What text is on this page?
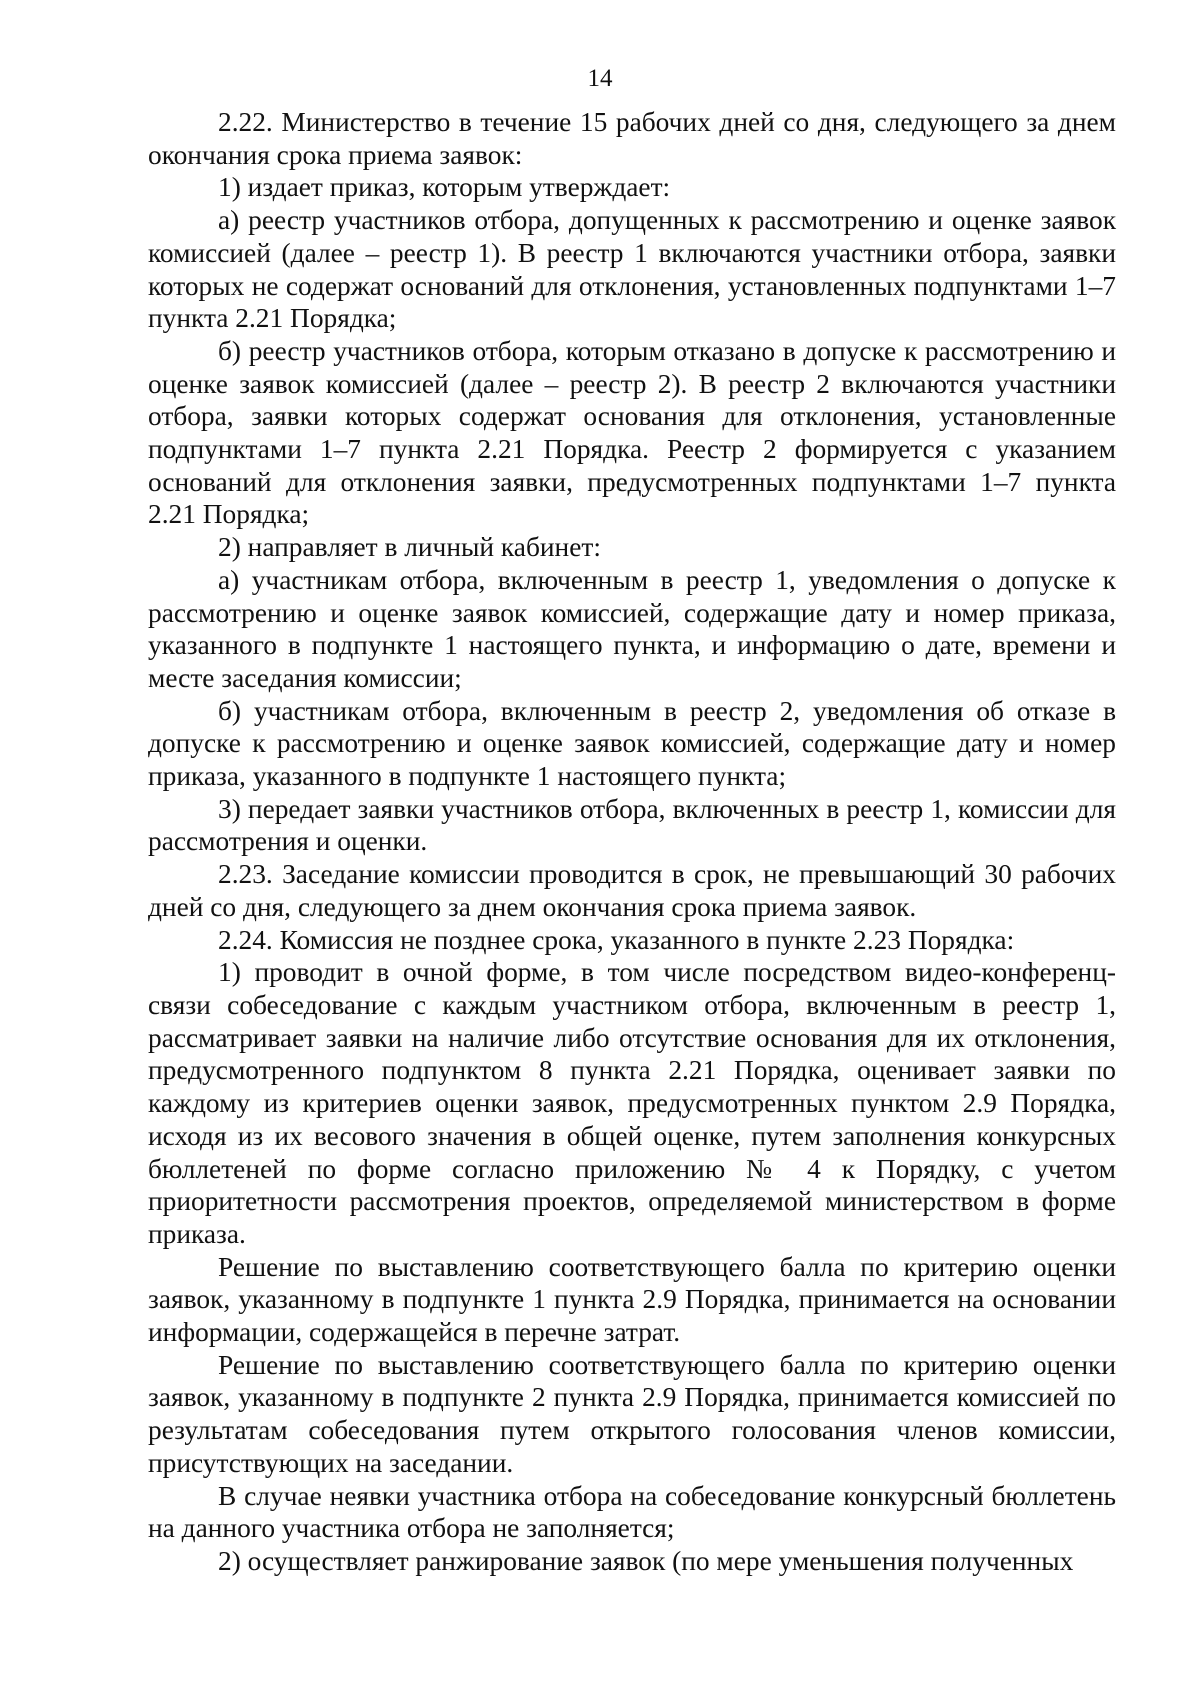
14

2.22. Министерство в течение 15 рабочих дней со дня, следующего за днем окончания срока приема заявок:

1) издает приказ, которым утверждает:

а) реестр участников отбора, допущенных к рассмотрению и оценке заявок комиссией (далее – реестр 1). В реестр 1 включаются участники отбора, заявки которых не содержат оснований для отклонения, установленных подпунктами 1–7 пункта 2.21 Порядка;

б) реестр участников отбора, которым отказано в допуске к рассмотрению и оценке заявок комиссией (далее – реестр 2). В реестр 2 включаются участники отбора, заявки которых содержат основания для отклонения, установленные подпунктами 1–7 пункта 2.21 Порядка. Реестр 2 формируется с указанием оснований для отклонения заявки, предусмотренных подпунктами 1–7 пункта 2.21 Порядка;

2) направляет в личный кабинет:

а) участникам отбора, включенным в реестр 1, уведомления о допуске к рассмотрению и оценке заявок комиссией, содержащие дату и номер приказа, указанного в подпункте 1 настоящего пункта, и информацию о дате, времени и месте заседания комиссии;

б) участникам отбора, включенным в реестр 2, уведомления об отказе в допуске к рассмотрению и оценке заявок комиссией, содержащие дату и номер приказа, указанного в подпункте 1 настоящего пункта;

3) передает заявки участников отбора, включенных в реестр 1, комиссии для рассмотрения и оценки.

2.23. Заседание комиссии проводится в срок, не превышающий 30 рабочих дней со дня, следующего за днем окончания срока приема заявок.

2.24. Комиссия не позднее срока, указанного в пункте 2.23 Порядка:

1) проводит в очной форме, в том числе посредством видео-конференц-связи собеседование с каждым участником отбора, включенным в реестр 1, рассматривает заявки на наличие либо отсутствие основания для их отклонения, предусмотренного подпунктом 8 пункта 2.21 Порядка, оценивает заявки по каждому из критериев оценки заявок, предусмотренных пунктом 2.9 Порядка, исходя из их весового значения в общей оценке, путем заполнения конкурсных бюллетеней по форме согласно приложению № 4 к Порядку, с учетом приоритетности рассмотрения проектов, определяемой министерством в форме приказа.

Решение по выставлению соответствующего балла по критерию оценки заявок, указанному в подпункте 1 пункта 2.9 Порядка, принимается на основании информации, содержащейся в перечне затрат.

Решение по выставлению соответствующего балла по критерию оценки заявок, указанному в подпункте 2 пункта 2.9 Порядка, принимается комиссией по результатам собеседования путем открытого голосования членов комиссии, присутствующих на заседании.

В случае неявки участника отбора на собеседование конкурсный бюллетень на данного участника отбора не заполняется;

2) осуществляет ранжирование заявок (по мере уменьшения полученных
